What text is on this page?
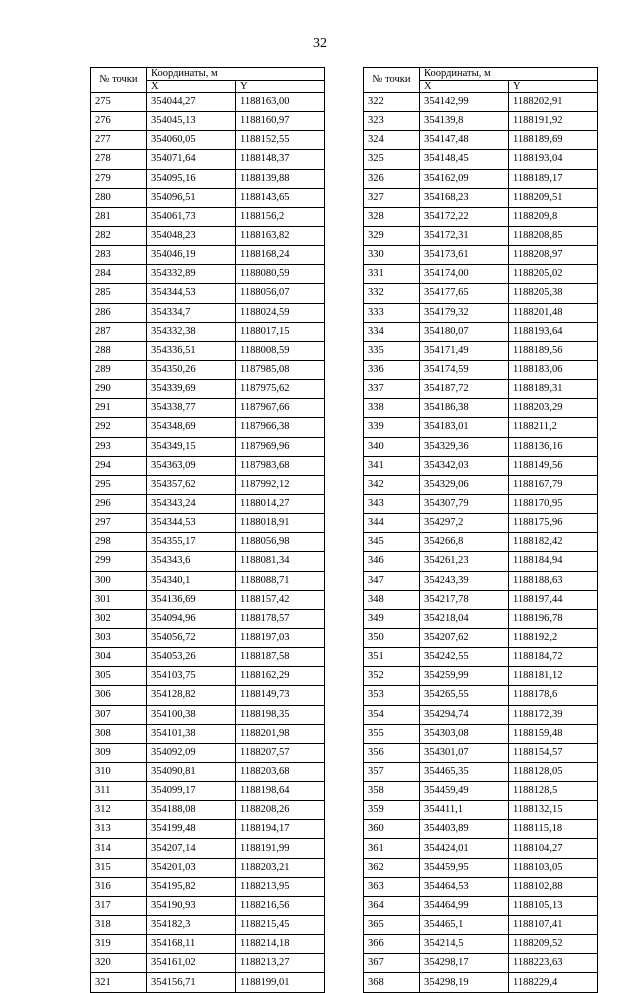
32
№ точки	Координаты, м	
	X	Y
275	354044,27	1188163,00
276	354045,13	1188160,97
277	354060,05	1188152,55
278	354071,64	1188148,37
279	354095,16	1188139,88
280	354096,51	1188143,65
281	354061,73	1188156,2
282	354048,23	1188163,82
283	354046,19	1188168,24
284	354332,89	1188080,59
285	354344,53	1188056,07
286	354334,7	1188024,59
287	354332,38	1188017,15
288	354336,51	1188008,59
289	354350,26	1187985,08
290	354339,69	1187975,62
291	354338,77	1187967,66
292	354348,69	1187966,38
293	354349,15	1187969,96
294	354363,09	1187983,68
295	354357,62	1187992,12
296	354343,24	1188014,27
297	354344,53	1188018,91
298	354355,17	1188056,98
299	354343,6	1188081,34
300	354340,1	1188088,71
301	354136,69	1188157,42
302	354094,96	1188178,57
303	354056,72	1188197,03
304	354053,26	1188187,58
305	354103,75	1188162,29
306	354128,82	1188149,73
307	354100,38	1188198,35
308	354101,38	1188201,98
309	354092,09	1188207,57
310	354090,81	1188203,68
311	354099,17	1188198,64
312	354188,08	1188208,26
313	354199,48	1188194,17
314	354207,14	1188191,99
315	354201,03	1188203,21
316	354195,82	1188213,95
317	354190,93	1188216,56
318	354182,3	1188215,45
319	354168,11	1188214,18
320	354161,02	1188213,27
321	354156,71	1188199,01
№ точки	Координаты, м	
	X	Y
322	354142,99	1188202,91
323	354139,8	1188191,92
324	354147,48	1188189,69
325	354148,45	1188193,04
326	354162,09	1188189,17
327	354168,23	1188209,51
328	354172,22	1188209,8
329	354172,31	1188208,85
330	354173,61	1188208,97
331	354174,00	1188205,02
332	354177,65	1188205,38
333	354179,32	1188201,48
334	354180,07	1188193,64
335	354171,49	1188189,56
336	354174,59	1188183,06
337	354187,72	1188189,31
338	354186,38	1188203,29
339	354183,01	1188211,2
340	354329,36	1188136,16
341	354342,03	1188149,56
342	354329,06	1188167,79
343	354307,79	1188170,95
344	354297,2	1188175,96
345	354266,8	1188182,42
346	354261,23	1188184,94
347	354243,39	1188188,63
348	354217,78	1188197,44
349	354218,04	1188196,78
350	354207,62	1188192,2
351	354242,55	1188184,72
352	354259,99	1188181,12
353	354265,55	1188178,6
354	354294,74	1188172,39
355	354303,08	1188159,48
356	354301,07	1188154,57
357	354465,35	1188128,05
358	354459,49	1188128,5
359	354411,1	1188132,15
360	354403,89	1188115,18
361	354424,01	1188104,27
362	354459,95	1188103,05
363	354464,53	1188102,88
364	354464,99	1188105,13
365	354465,1	1188107,41
366	354214,5	1188209,52
367	354298,17	1188223,63
368	354298,19	1188229,4
